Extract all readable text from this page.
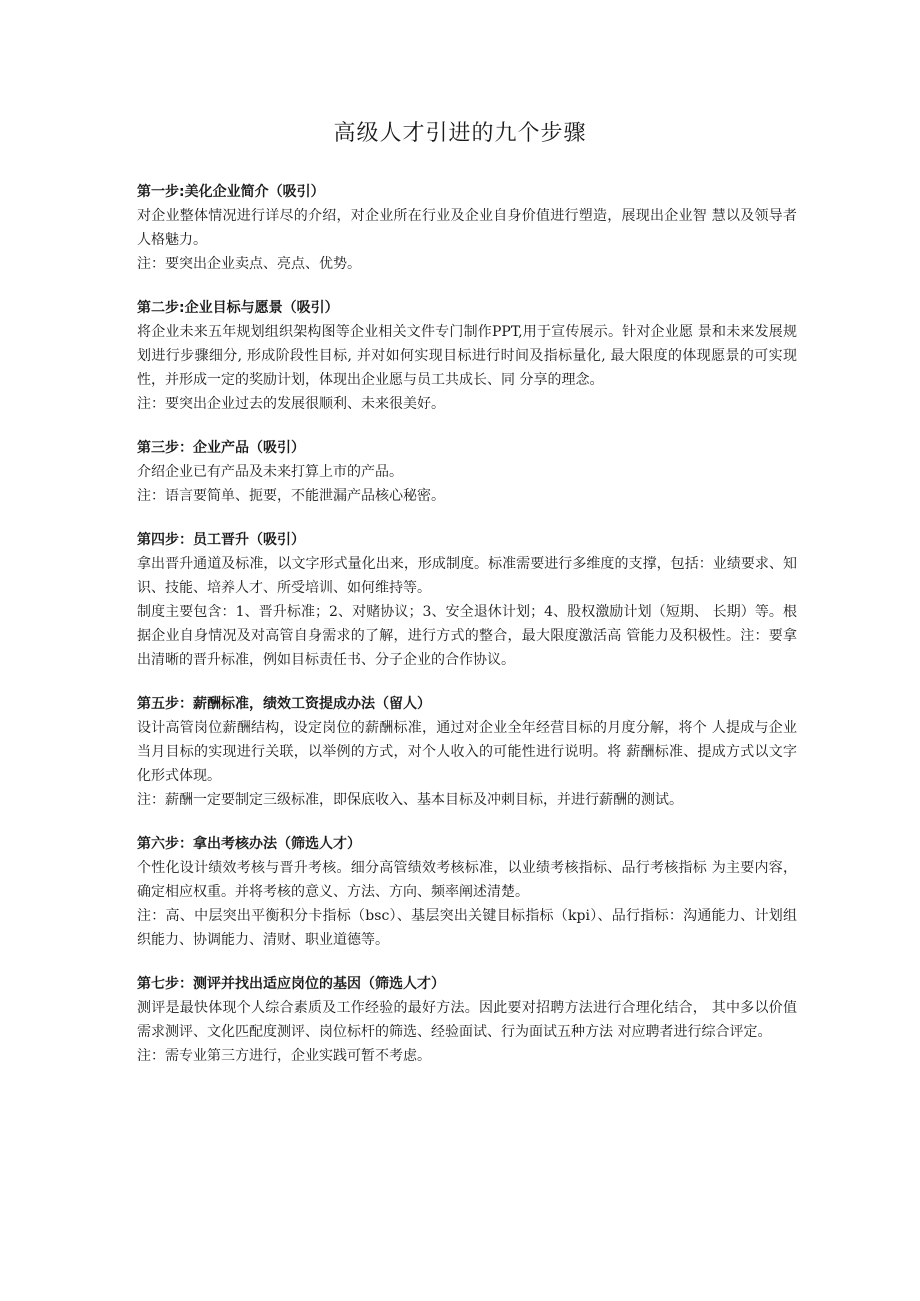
高级人才引进的九个步骤

第一步:美化企业简介（吸引）

对企业整体情况进行详尽的介绍，对企业所在行业及企业自身价值进行塑造，展现出企业智 慧以及领导者人格魅力。

注：要突出企业卖点、亮点、优势。

第二步:企业目标与愿景（吸引）

将企业未来五年规划组织架构图等企业相关文件专门制作PPT,用于宣传展示。针对企业愿 景和未来发展规划进行步骤细分, 形成阶段性目标, 并对如何实现目标进行时间及指标量化, 最大限度的体现愿景的可实现性，并形成一定的奖励计划，体现出企业愿与员工共成长、同 分享的理念。

注：要突出企业过去的发展很顺利、未来很美好。

第三步：企业产品（吸引）

介绍企业已有产品及未来打算上市的产品。

注：语言要简单、扼要，不能泄漏产品核心秘密。

第四步：员工晋升（吸引）

拿出晋升通道及标准，以文字形式量化出来，形成制度。标准需要进行多维度的支撑，包括：业绩要求、知识、技能、培养人才、所受培训、如何维持等。

制度主要包含：1、晋升标准；2、对赌协议；3、安全退休计划；4、股权激励计划（短期、 长期）等。根据企业自身情况及对高管自身需求的了解，进行方式的整合，最大限度激活高 管能力及积极性。注：要拿出清晰的晋升标准，例如目标责任书、分子企业的合作协议。

第五步：薪酬标准，绩效工资提成办法（留人）

设计高管岗位薪酬结构，设定岗位的薪酬标准，通过对企业全年经营目标的月度分解，将个 人提成与企业当月目标的实现进行关联，以举例的方式，对个人收入的可能性进行说明。将 薪酬标准、提成方式以文字化形式体现。

注：薪酬一定要制定三级标准，即保底收入、基本目标及冲刺目标，并进行薪酬的测试。

第六步：拿出考核办法（筛选人才）

个性化设计绩效考核与晋升考核。细分高管绩效考核标准，以业绩考核指标、品行考核指标 为主要内容，确定相应权重。并将考核的意义、方法、方向、频率阐述清楚。

注：高、中层突出平衡积分卡指标（bsc）、基层突出关键目标指标（kpi）、品行指标：沟通能力、计划组织能力、协调能力、清财、职业道德等。

第七步：测评并找出适应岗位的基因（筛选人才）

测评是最快体现个人综合素质及工作经验的最好方法。因此要对招聘方法进行合理化结合， 其中多以价值需求测评、文化匹配度测评、岗位标杆的筛选、经验面试、行为面试五种方法 对应聘者进行综合评定。

注：需专业第三方进行，企业实践可暂不考虑。
